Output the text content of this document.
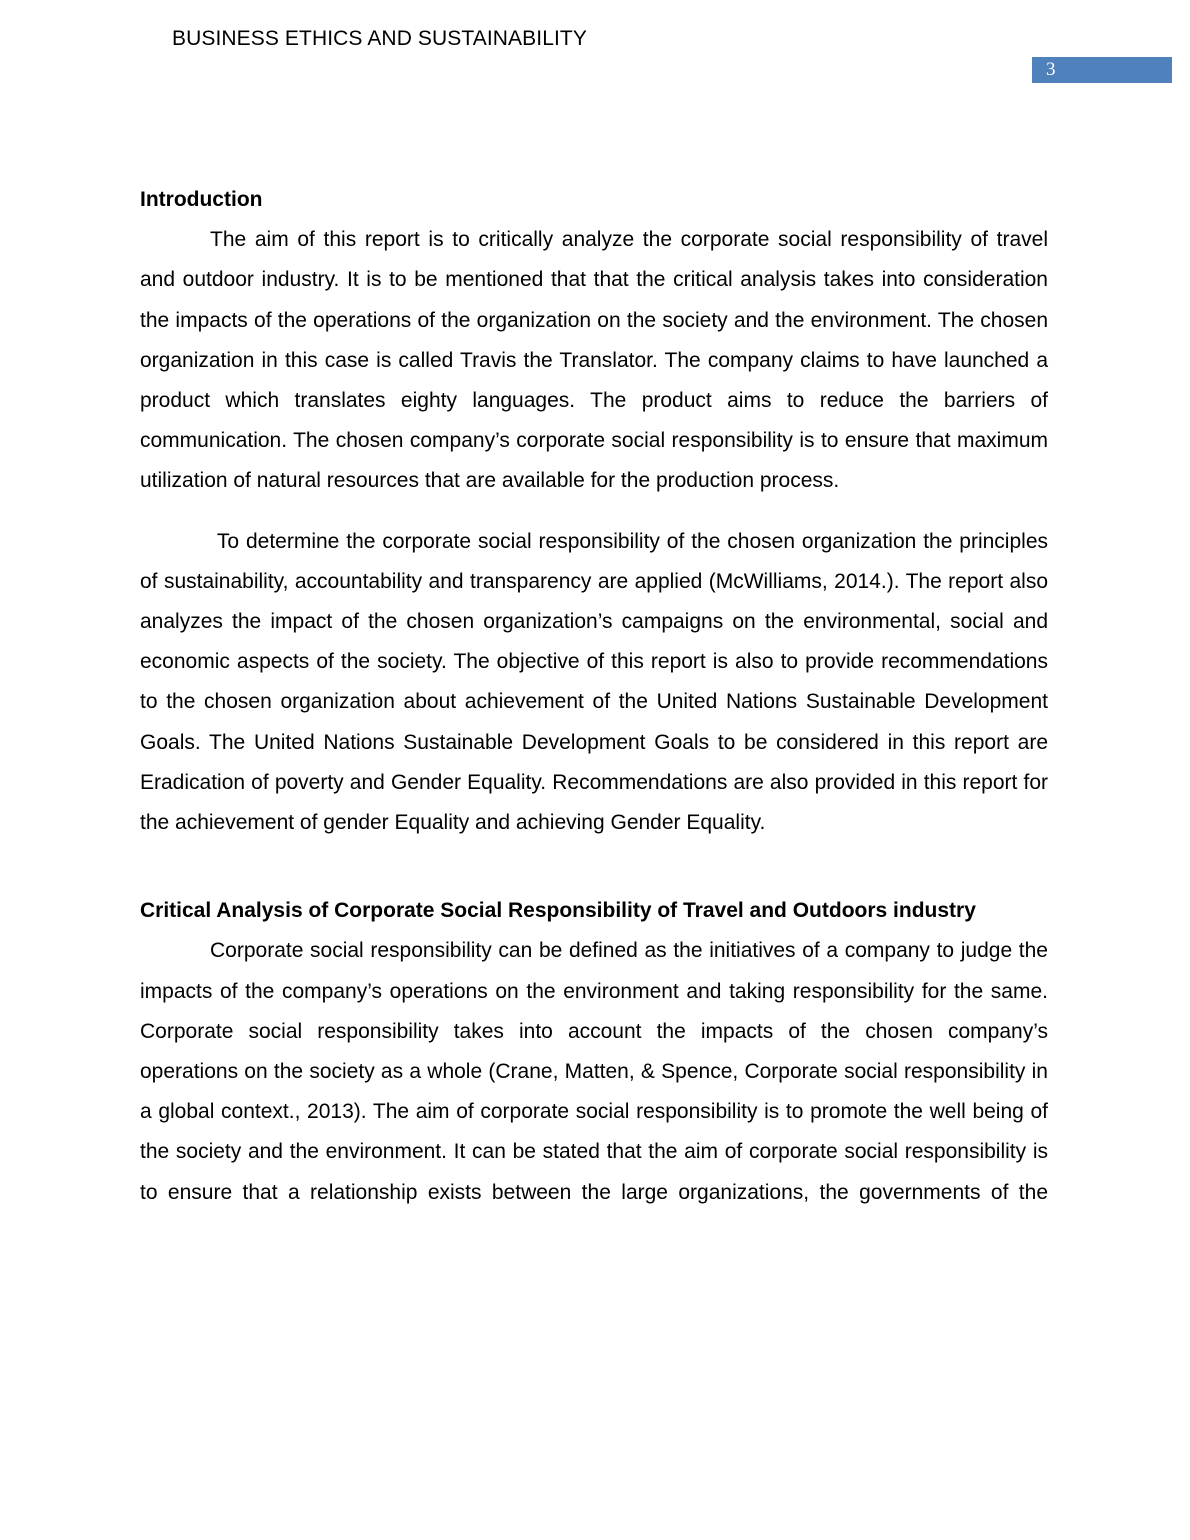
BUSINESS ETHICS AND SUSTAINABILITY
3
Introduction

The aim of this report is to critically analyze the corporate social responsibility of travel and outdoor industry. It is to be mentioned that that the critical analysis takes into consideration the impacts of the operations of the organization on the society and the environment. The chosen organization in this case is called Travis the Translator. The company claims to have launched a product which translates eighty languages. The product aims to reduce the barriers of communication. The chosen company’s corporate social responsibility is to ensure that maximum utilization of natural resources that are available for the production process.

To determine the corporate social responsibility of the chosen organization the principles of sustainability, accountability and transparency are applied (McWilliams, 2014.). The report also analyzes the impact of the chosen organization’s campaigns on the environmental, social and economic aspects of the society. The objective of this report is also to provide recommendations to the chosen organization about achievement of the United Nations Sustainable Development Goals. The United Nations Sustainable Development Goals to be considered in this report are Eradication of poverty and Gender Equality. Recommendations are also provided in this report for the achievement of gender Equality and achieving Gender Equality.

Critical Analysis of Corporate Social Responsibility of Travel and Outdoors industry

Corporate social responsibility can be defined as the initiatives of a company to judge the impacts of the company’s operations on the environment and taking responsibility for the same. Corporate social responsibility takes into account the impacts of the chosen company’s operations on the society as a whole (Crane, Matten, & Spence, Corporate social responsibility in a global context., 2013). The aim of corporate social responsibility is to promote the well being of the society and the environment. It can be stated that the aim of corporate social responsibility is to ensure that a relationship exists between the large organizations, the governments of the
